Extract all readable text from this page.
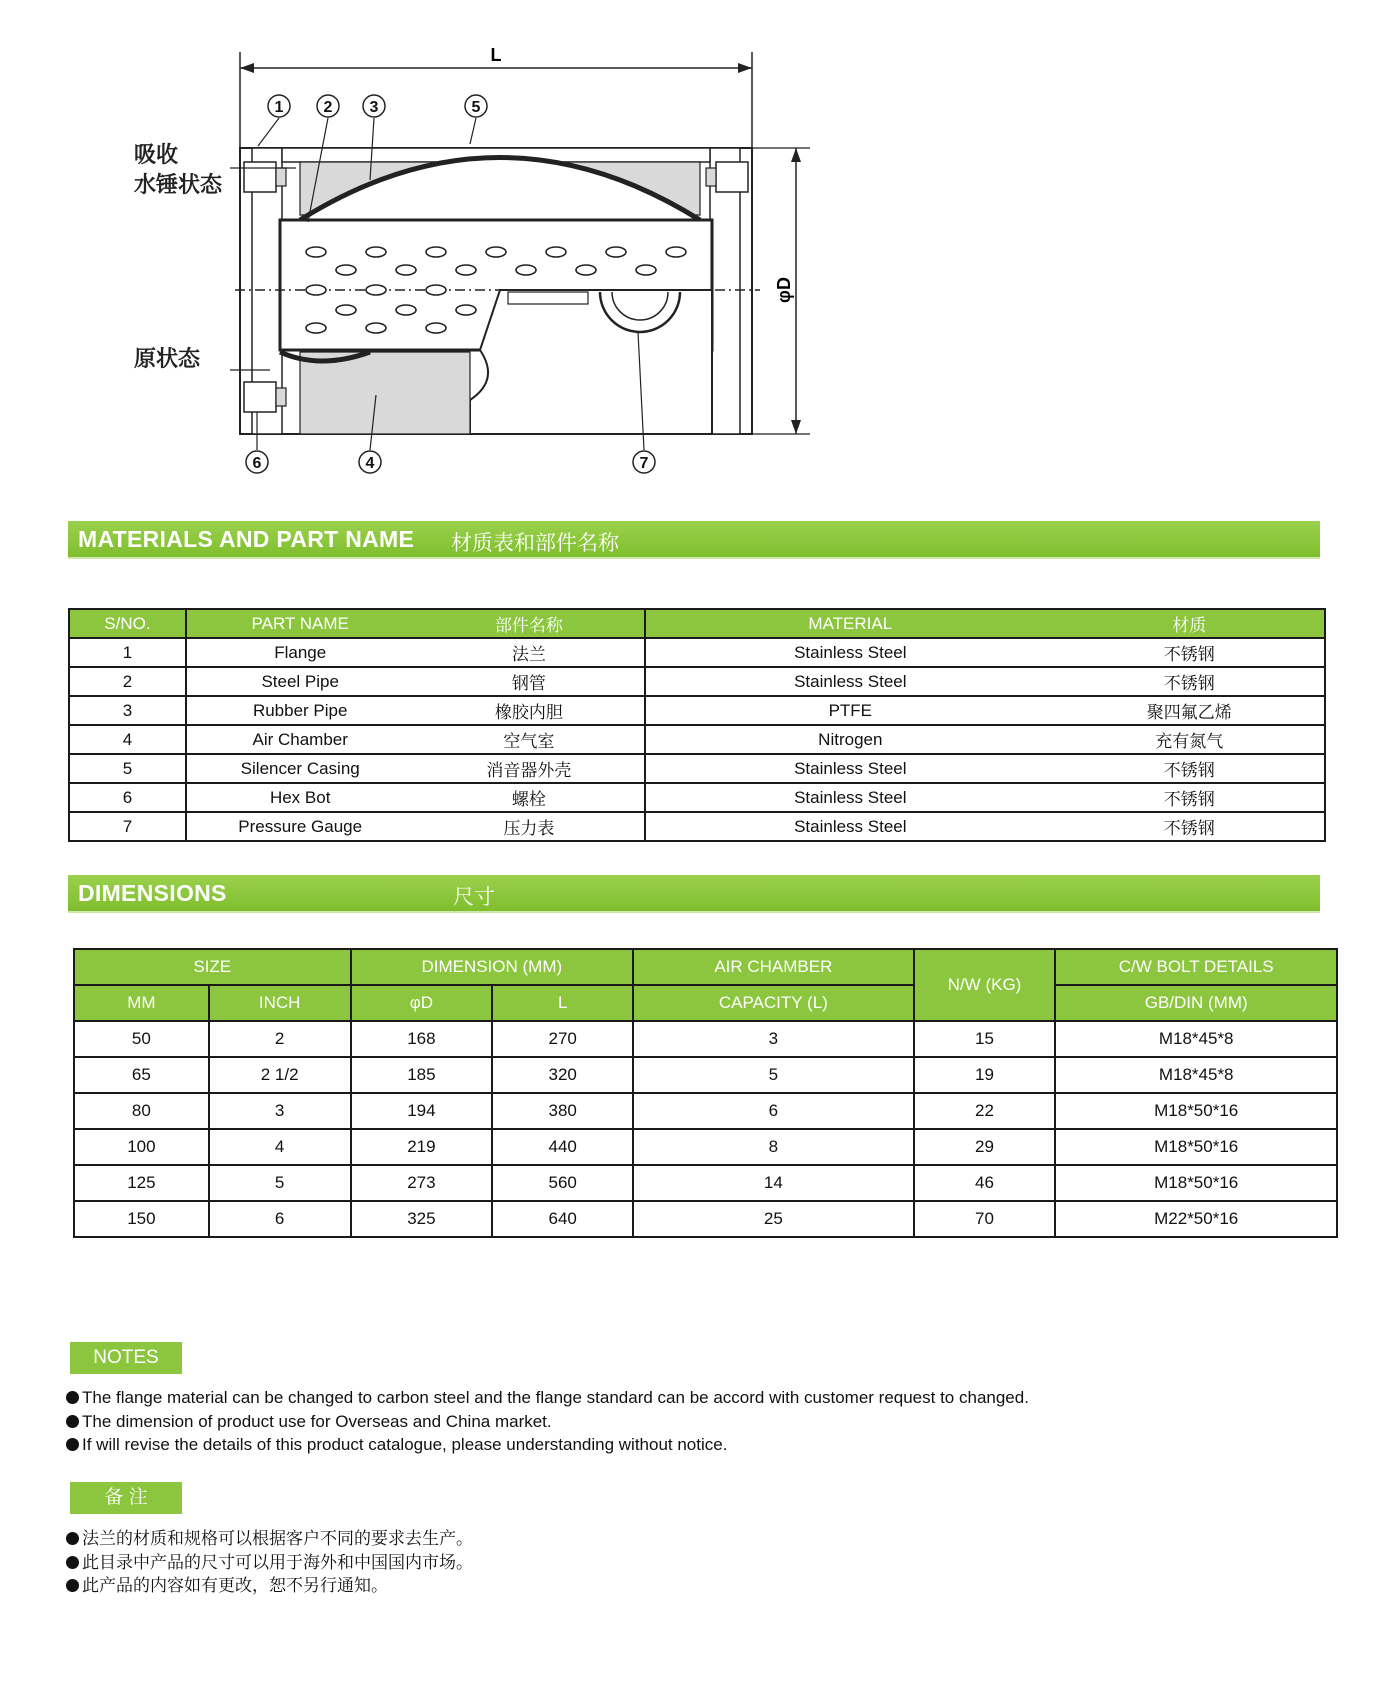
L
φD
1	2 3	5
6	4	7
吸收
水锤状态
原状态
MATERIALS AND PART NAME 材质表和部件名称
S/NO.	PART NAME	部件名称	MATERIAL	材质
1	Flange	法兰	Stainless Steel	不锈钢
2	Steel Pipe	钢管	Stainless Steel	不锈钢
3	Rubber Pipe	橡胶内胆	PTFE	聚四氟乙烯
4	Air Chamber	空气室	Nitrogen	充有氮气
5	Silencer Casing	消音器外壳	Stainless Steel	不锈钢
6	Hex Bot	螺栓	Stainless Steel	不锈钢
7	Pressure Gauge	压力表	Stainless Steel	不锈钢
DIMENSIONS	尺寸
SIZE		DIMENSION (MM)		AIR CHAMBER	N/W (KG)	C/W BOLT DETAILS
MM	INCH	φD	L	CAPACITY (L)		GB/DIN (MM)
50	2	168	270	3	15	M18*45*8
65	2 1/2	185	320	5	19	M18*45*8
80	3	194	380	6	22	M18*50*16
100	4	219	440	8	29	M18*50*16
125	5	273	560	14	46	M18*50*16
150	6	325	640	25	70	M22*50*16
NOTES
The flange material can be changed to carbon steel and the flange standard can be accord with customer request to changed.
The dimension of product use for Overseas and China market.
If will revise the details of this product catalogue, please understanding without notice.
备 注
法兰的材质和规格可以根据客户不同的要求去生产。
此目录中产品的尺寸可以用于海外和中国国内市场。
此产品的内容如有更改，恕不另行通知。
